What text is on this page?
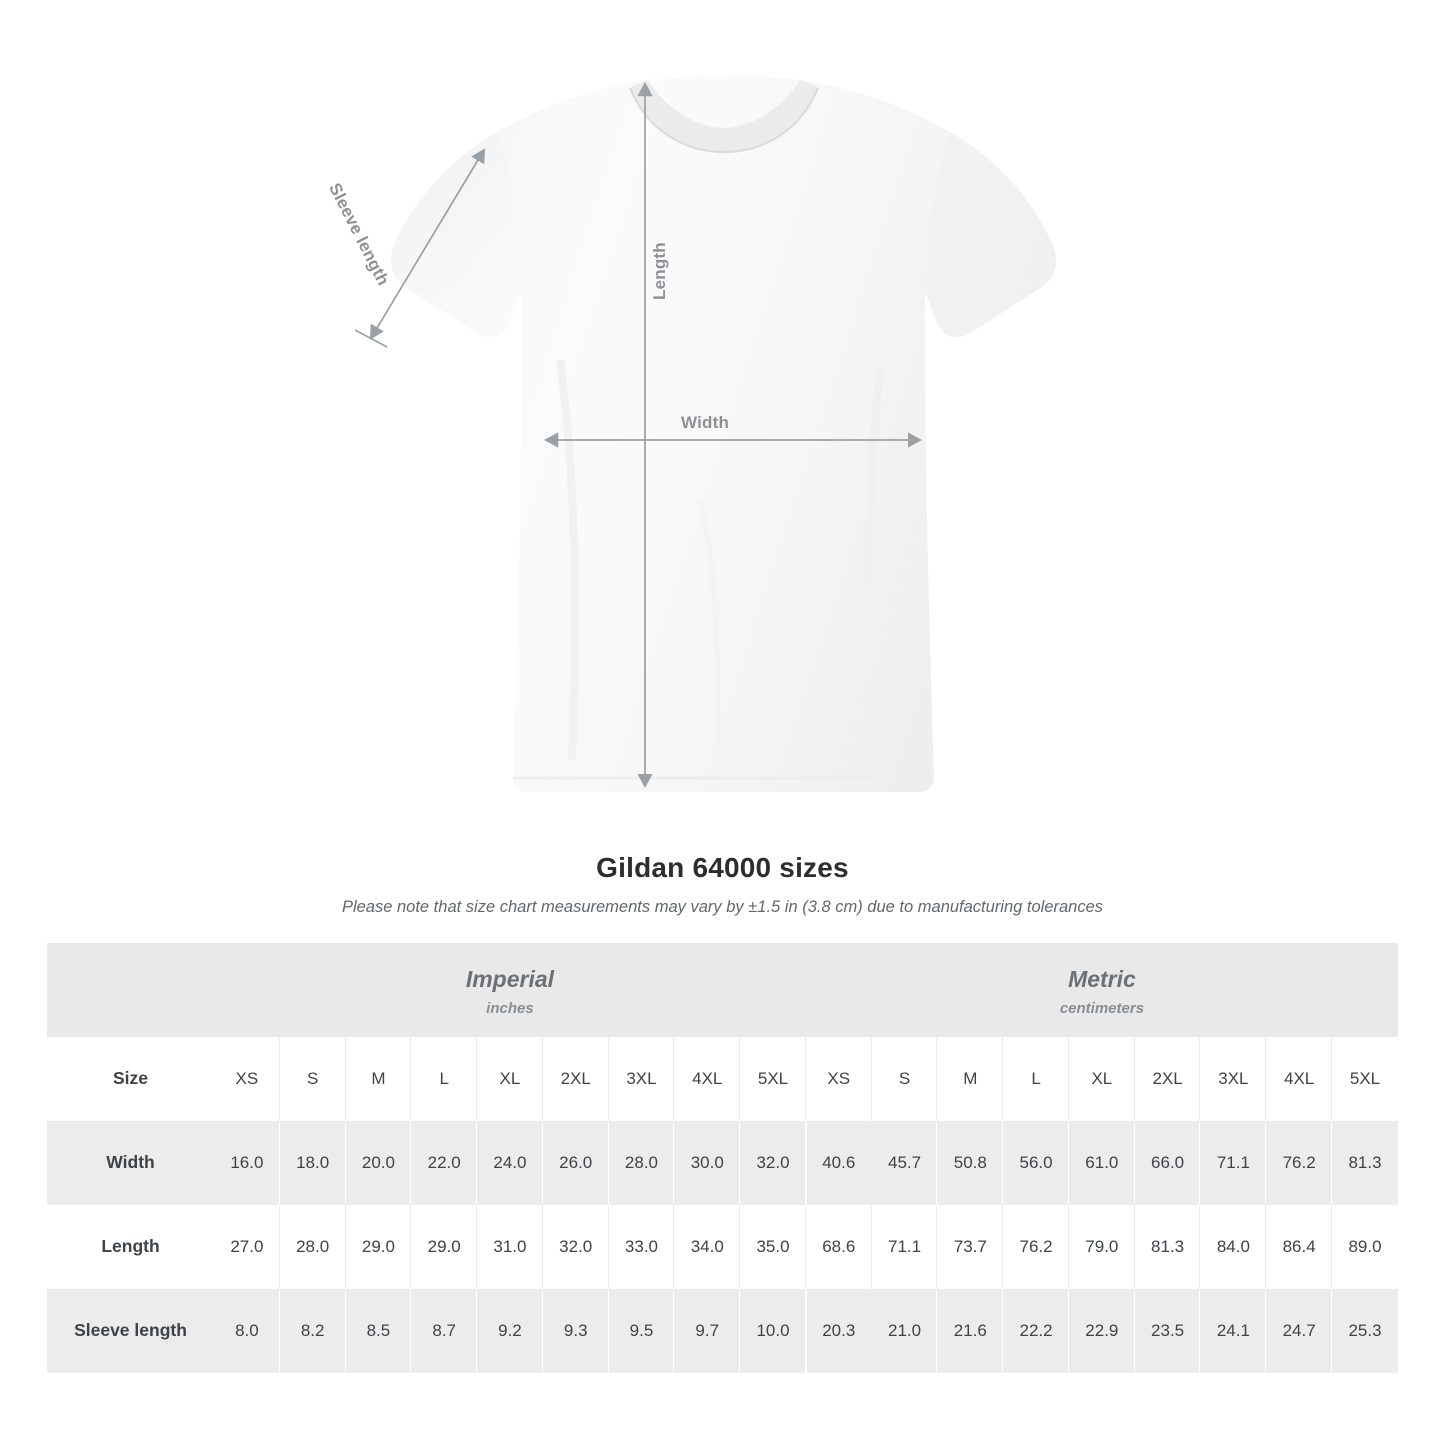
Sleeve length	Length
Width
Gildan 64000 sizes
Please note that size chart measurements may vary by ±1.5 in (3.8 cm) due to manufacturing tolerances

Imperial
inches

Metric
centimeters

Size	XS	S	M	L	XL	2XL	3XL	4XL	5XL	XS	S	M	L	XL	2XL	3XL	4XL	5XL
Width	16.0	18.0	20.0	22.0	24.0	26.0	28.0	30.0	32.0	40.6	45.7	50.8	56.0	61.0	66.0	71.1	76.2	81.3
Length	27.0	28.0	29.0	29.0	31.0	32.0	33.0	34.0	35.0	68.6	71.1	73.7	76.2	79.0	81.3	84.0	86.4	89.0
Sleeve length	8.0	8.2	8.5	8.7	9.2	9.3	9.5	9.7	10.0	20.3	21.0	21.6	22.2	22.9	23.5	24.1	24.7	25.3
